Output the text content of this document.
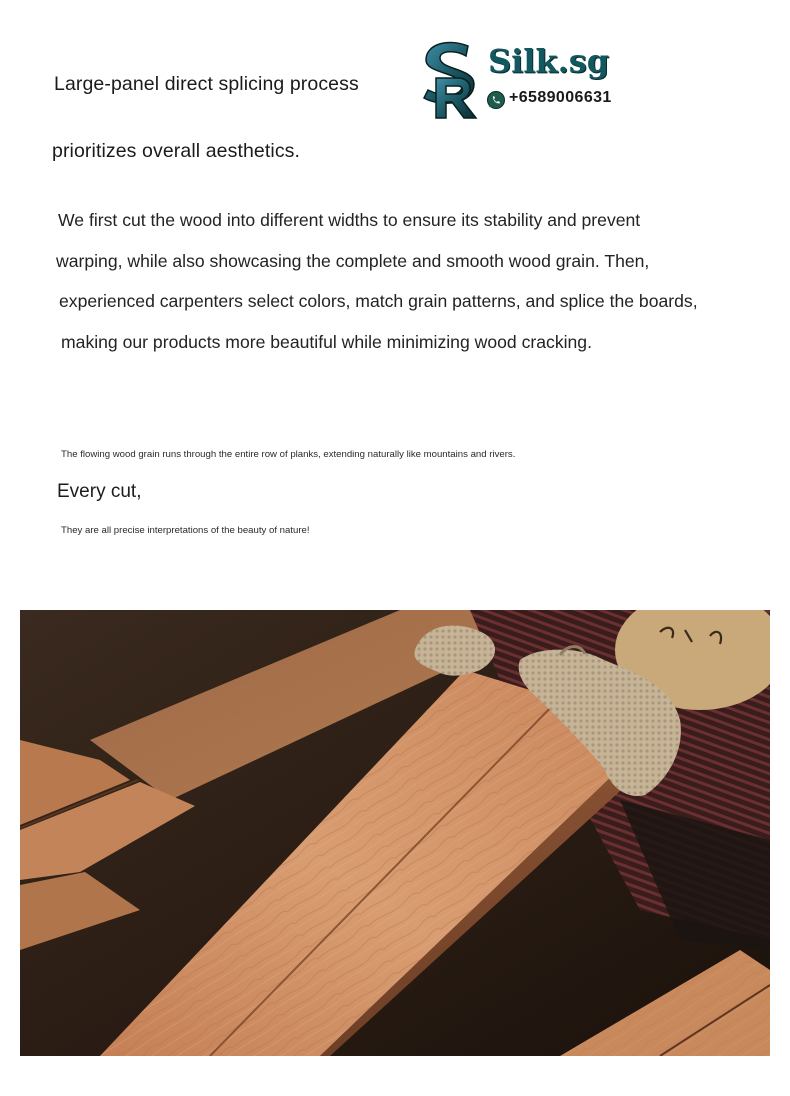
Large-panel direct splicing process
prioritizes overall aesthetics.
Silk.sg
+6589006631
We first cut the wood into different widths to ensure its stability and prevent
warping, while also showcasing the complete and smooth wood grain. Then,
experienced carpenters select colors, match grain patterns, and splice the boards,
making our products more beautiful while minimizing wood cracking.
The flowing wood grain runs through the entire row of planks, extending naturally like mountains and rivers.
Every cut,
They are all precise interpretations of the beauty of nature!
